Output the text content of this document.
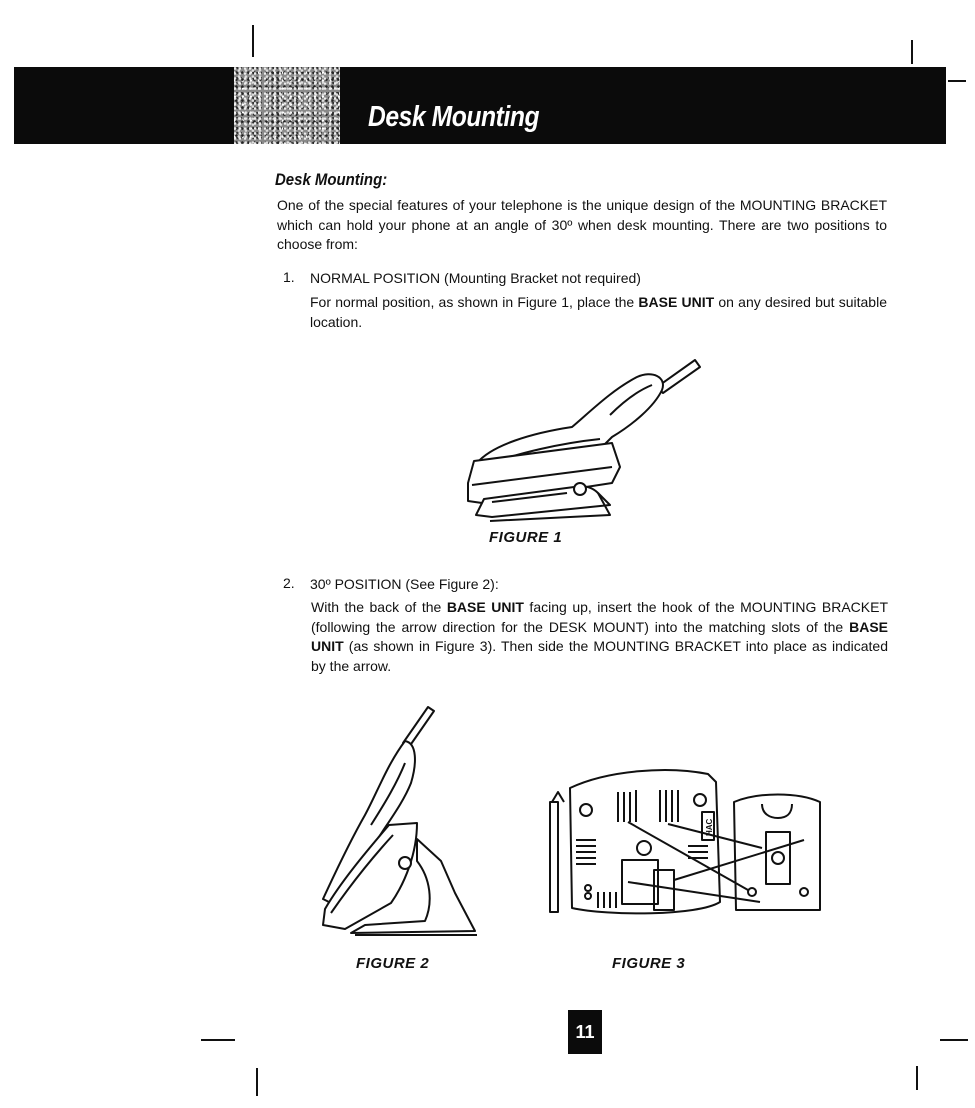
Desk Mounting
Desk Mounting:
One of the special features of your telephone is the unique design of the MOUNTING BRACKET which can hold your phone at an angle of 30º when desk mounting. There are two positions to choose from:
1. NORMAL POSITION (Mounting Bracket not required)
For normal position, as shown in Figure 1, place the BASE UNIT on any desired but suitable location.
FIGURE 1
2. 30º POSITION (See Figure 2):
With the back of the BASE UNIT facing up, insert the hook of the MOUNTING BRACKET (following the arrow direction for the DESK MOUNT) into the matching slots of the BASE UNIT (as shown in Figure 3). Then side the MOUNTING BRACKET into place as indicated by the arrow.
FIGURE 2
HAC
FIGURE 3
11
